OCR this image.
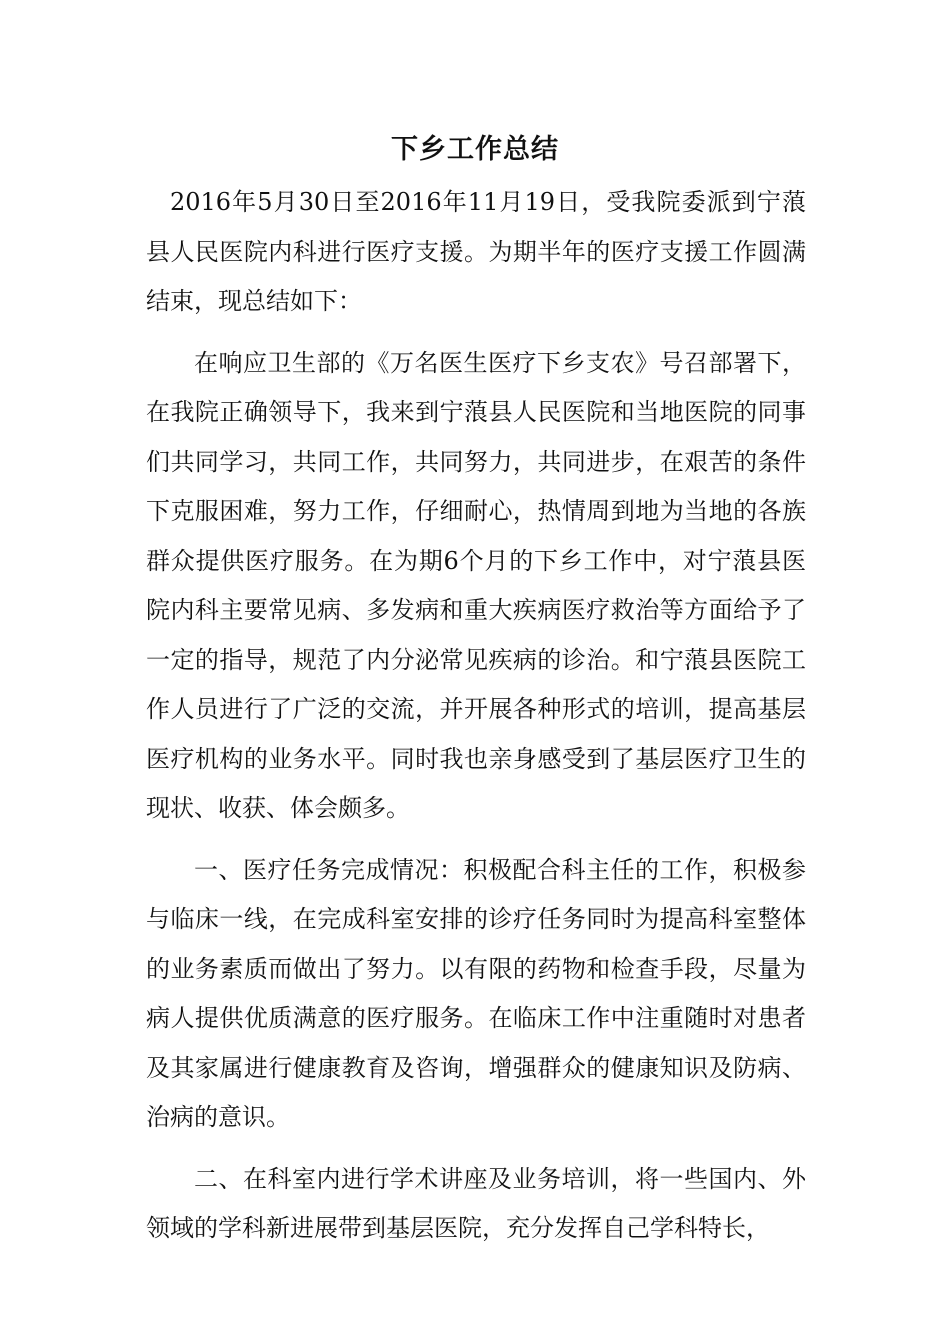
下乡工作总结

2016年5月30日至2016年11月19日，受我院委派到宁蒗县人民医院内科进行医疗支援。为期半年的医疗支援工作圆满结束，现总结如下：

在响应卫生部的《万名医生医疗下乡支农》号召部署下，在我院正确领导下，我来到宁蒗县人民医院和当地医院的同事们共同学习，共同工作，共同努力，共同进步，在艰苦的条件下克服困难，努力工作，仔细耐心，热情周到地为当地的各族群众提供医疗服务。在为期6个月的下乡工作中，对宁蒗县医院内科主要常见病、多发病和重大疾病医疗救治等方面给予了一定的指导，规范了内分泌常见疾病的诊治。和宁蒗县医院工作人员进行了广泛的交流，并开展各种形式的培训，提高基层医疗机构的业务水平。同时我也亲身感受到了基层医疗卫生的现状、收获、体会颇多。

一、医疗任务完成情况：积极配合科主任的工作，积极参与临床一线，在完成科室安排的诊疗任务同时为提高科室整体的业务素质而做出了努力。以有限的药物和检查手段，尽量为病人提供优质满意的医疗服务。在临床工作中注重随时对患者及其家属进行健康教育及咨询，增强群众的健康知识及防病、治病的意识。

二、在科室内进行学术讲座及业务培训，将一些国内、外领域的学科新进展带到基层医院，充分发挥自己学科特长，
